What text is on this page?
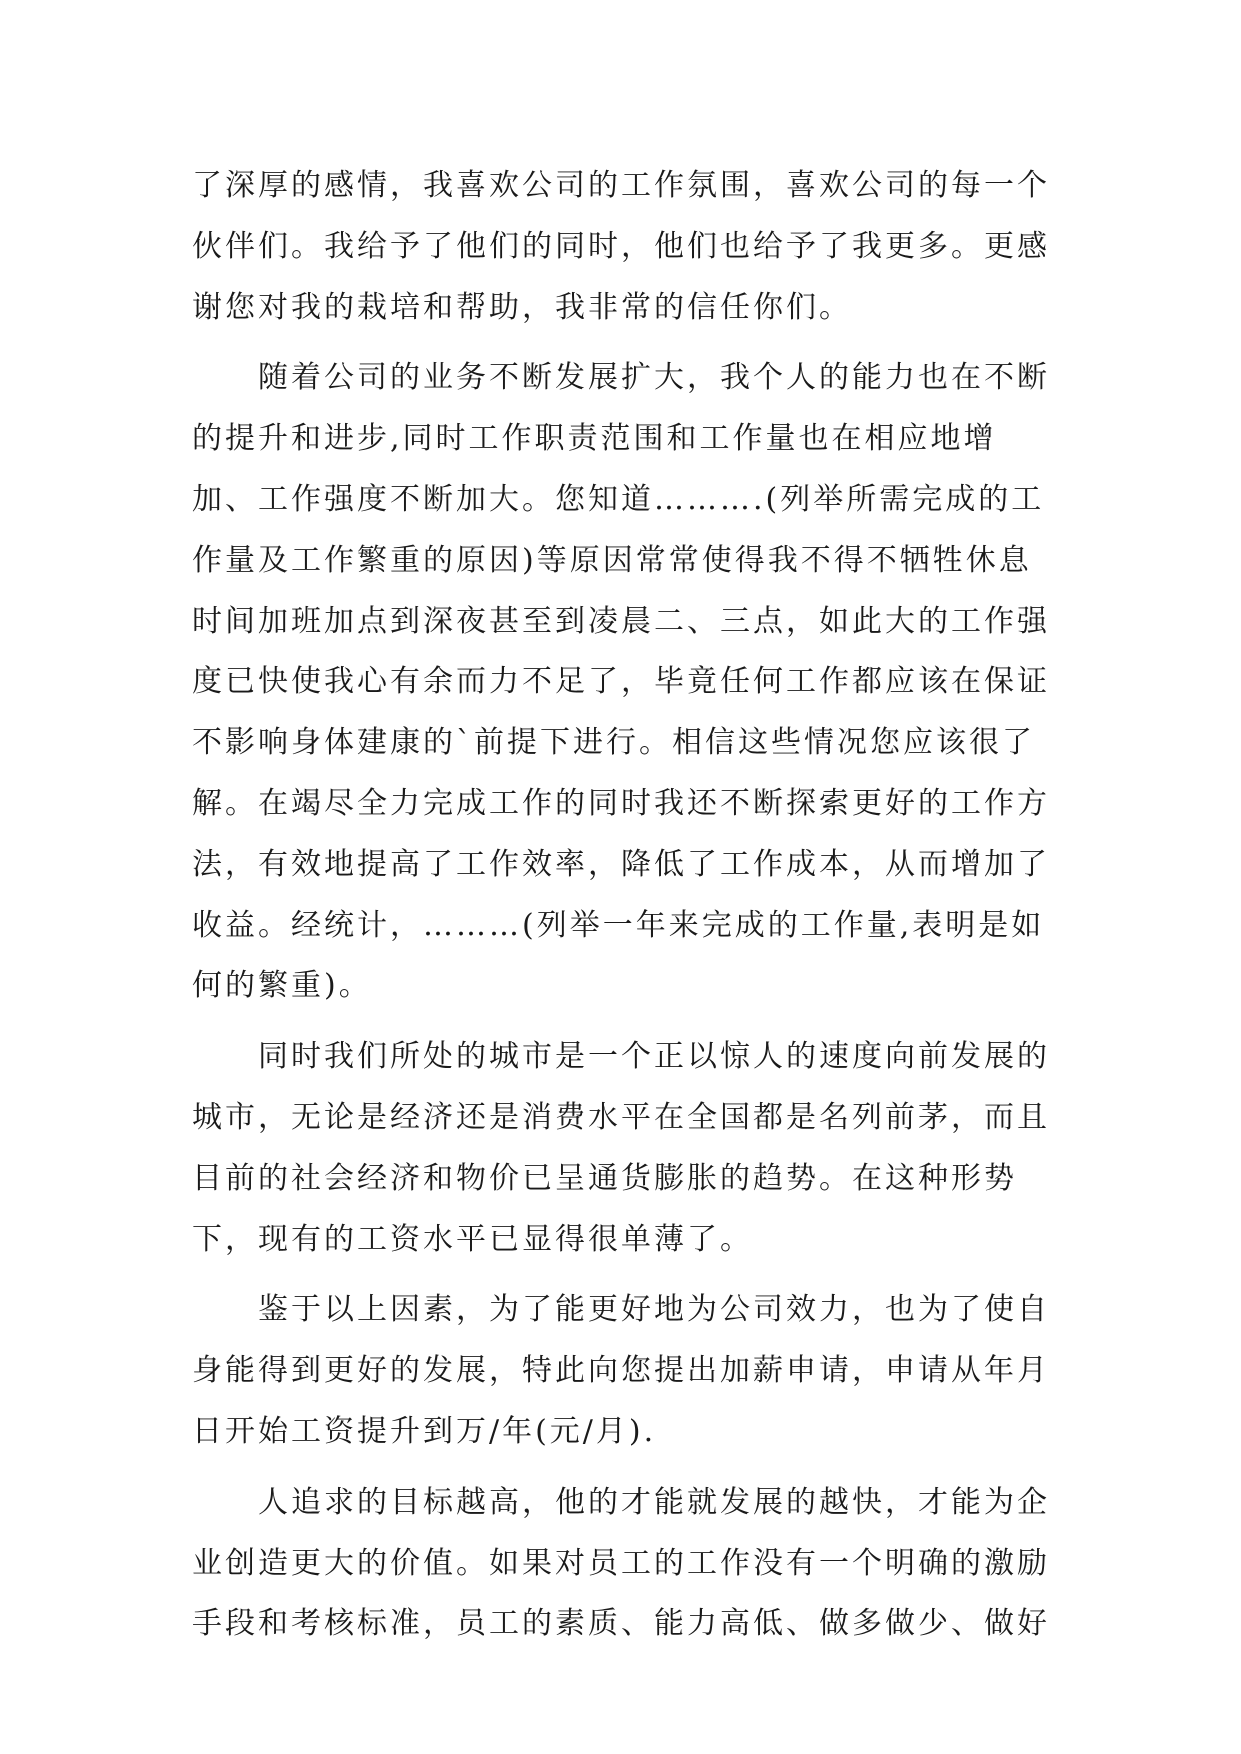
了深厚的感情，我喜欢公司的工作氛围，喜欢公司的每一个伙伴们。我给予了他们的同时，他们也给予了我更多。更感谢您对我的栽培和帮助，我非常的信任你们。

　　随着公司的业务不断发展扩大，我个人的能力也在不断的提升和进步,同时工作职责范围和工作量也在相应地增加、工作强度不断加大。您知道……….(列举所需完成的工作量及工作繁重的原因)等原因常常使得我不得不牺牲休息时间加班加点到深夜甚至到凌晨二、三点，如此大的工作强度已快使我心有余而力不足了，毕竟任何工作都应该在保证不影响身体建康的`前提下进行。相信这些情况您应该很了解。在竭尽全力完成工作的同时我还不断探索更好的工作方法，有效地提高了工作效率，降低了工作成本，从而增加了收益。经统计，………(列举一年来完成的工作量,表明是如何的繁重)。

　　同时我们所处的城市是一个正以惊人的速度向前发展的城市，无论是经济还是消费水平在全国都是名列前茅，而且目前的社会经济和物价已呈通货膨胀的趋势。在这种形势下，现有的工资水平已显得很单薄了。

　　鉴于以上因素，为了能更好地为公司效力，也为了使自身能得到更好的发展，特此向您提出加薪申请，申请从年月日开始工资提升到万/年(元/月).

　　人追求的目标越高，他的才能就发展的越快，才能为企业创造更大的价值。如果对员工的工作没有一个明确的激励手段和考核标准，员工的素质、能力高低、做多做少、做好
